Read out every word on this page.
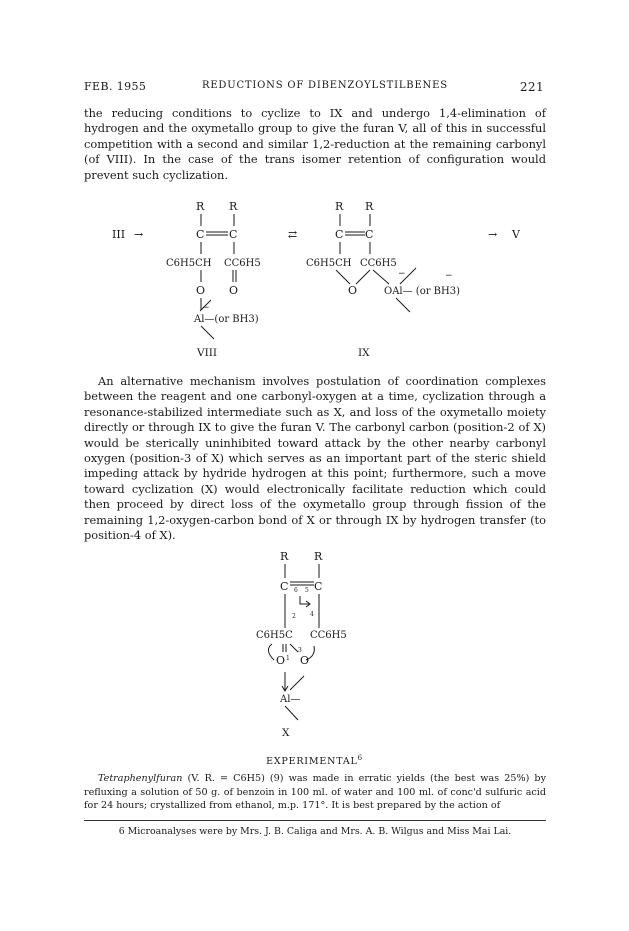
FEB. 1955	REDUCTIONS OF DIBENZOYLSTILBENES	221

the reducing conditions to cyclize to IX and undergo 1,4-elimination of hydrogen and the oxymetallo group to give the furan V, all of this in successful competition with a second and similar 1,2-reduction at the remaining carbonyl (of VIII). In the case of the trans isomer retention of configuration would prevent such cyclization.

III →	⇄	→ V
R R
C C
C6H5CH CC6H5
O O
Al—(or BH3)
−
VIII
R R
C C
C6H5CH CC6H5
−	−
O	OAl— (or BH3)
IX

An alternative mechanism involves postulation of coordination complexes between the reagent and one carbonyl-oxygen at a time, cyclization through a resonance-stabilized intermediate such as X, and loss of the oxymetallo moiety directly or through IX to give the furan V. The carbonyl carbon (position-2 of X) would be sterically uninhibited toward attack by the other nearby carbonyl oxygen (position-3 of X) which serves as an important part of the steric shield impeding attack by hydride hydrogen at this point; furthermore, such a move toward cyclization (X) would electronically facilitate reduction which could then proceed by direct loss of the oxymetallo group through fission of the remaining 1,2-oxygen-carbon bond of X or through IX by hydrogen transfer (to position-4 of X).

R R
C C
6 5
2 4
C6H5C CC6H5
3
O 1 O
Al—
X
EXPERIMENTAL$^6$

Tetraphenylfuran (V. R. = C6H5) (9) was made in erratic yields (the best was 25%) by refluxing a solution of 50 g. of benzoin in 100 ml. of water and 100 ml. of conc'd sulfuric acid for 24 hours; crystallized from ethanol, m.p. 171°. It is best prepared by the action of

6 Microanalyses were by Mrs. J. B. Caliga and Mrs. A. B. Wilgus and Miss Mai Lai.
